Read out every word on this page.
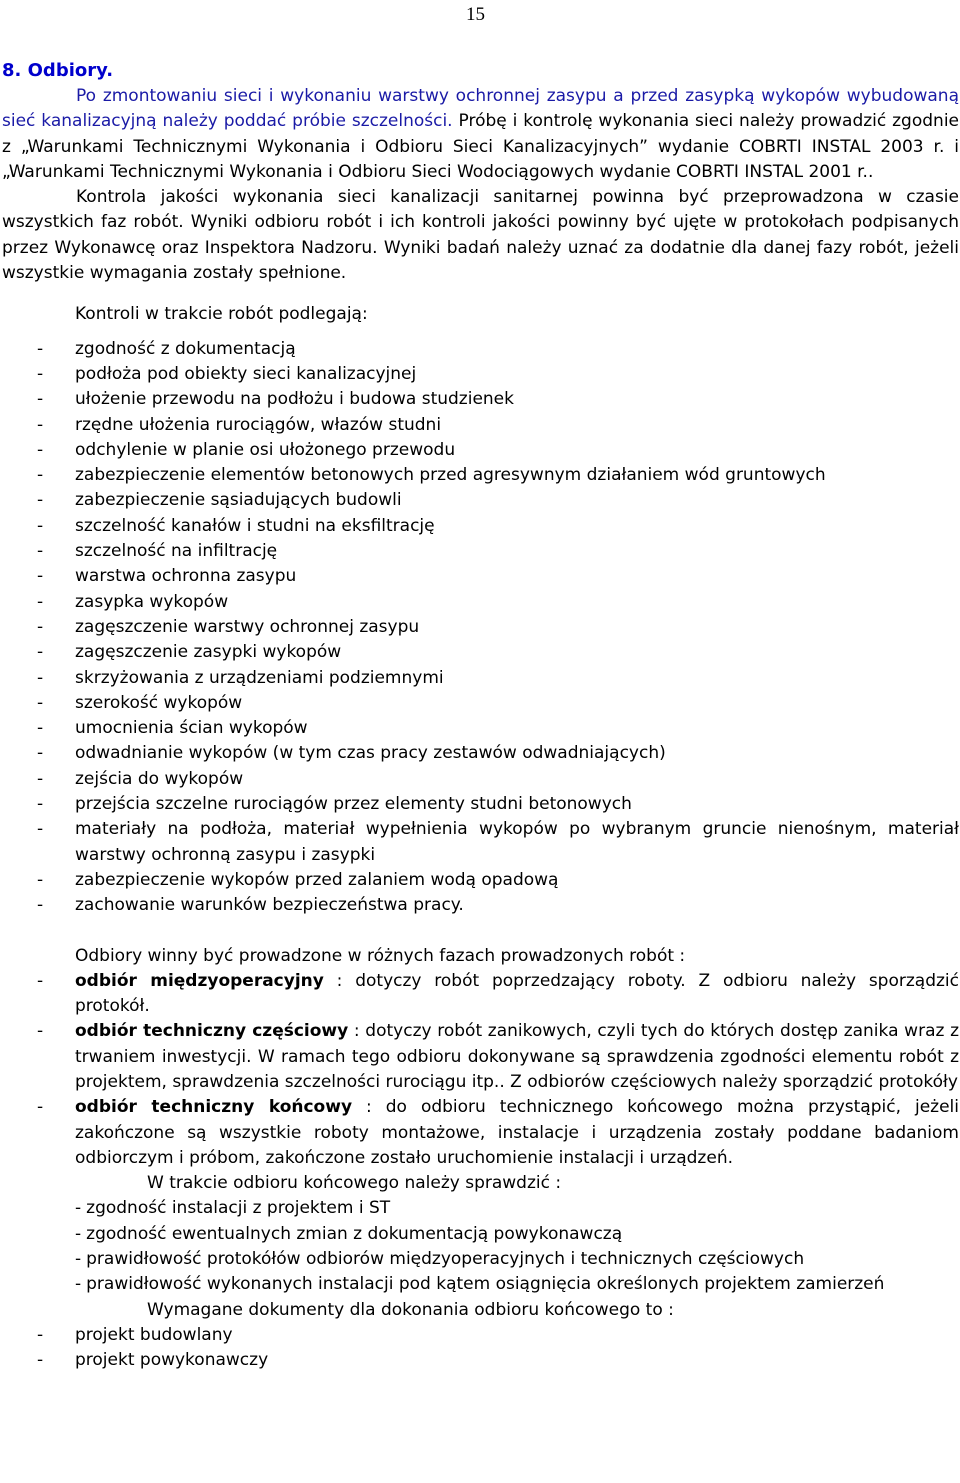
15
8. Odbiory.

Po zmontowaniu sieci i wykonaniu warstwy ochronnej zasypu a przed zasypką wykopów wybudowaną sieć kanalizacyjną należy poddać próbie szczelności. Próbę i kontrolę wykonania sieci należy prowadzić zgodnie z „Warunkami Technicznymi Wykonania i Odbioru Sieci Kanalizacyjnych” wydanie COBRTI INSTAL 2003 r. i „Warunkami Technicznymi Wykonania i Odbioru Sieci Wodociągowych wydanie COBRTI INSTAL 2001 r..

Kontrola jakości wykonania sieci kanalizacji sanitarnej powinna być przeprowadzona w czasie wszystkich faz robót. Wyniki odbioru robót i ich kontroli jakości powinny być ujęte w protokołach podpisanych przez Wykonawcę oraz Inspektora Nadzoru. Wyniki badań należy uznać za dodatnie dla danej fazy robót, jeżeli wszystkie wymagania zostały spełnione.

Kontroli w trakcie robót podlegają:

- zgodność z dokumentacją
- podłoża pod obiekty sieci kanalizacyjnej
- ułożenie przewodu na podłożu i budowa studzienek
- rzędne ułożenia rurociągów, włazów studni
- odchylenie w planie osi ułożonego przewodu
- zabezpieczenie elementów betonowych przed agresywnym działaniem wód gruntowych
- zabezpieczenie sąsiadujących budowli
- szczelność kanałów i studni na eksfiltrację
- szczelność na infiltrację
- warstwa ochronna zasypu
- zasypka wykopów
- zagęszczenie warstwy ochronnej zasypu
- zagęszczenie zasypki wykopów
- skrzyżowania z urządzeniami podziemnymi
- szerokość wykopów
- umocnienia ścian wykopów
- odwadnianie wykopów (w tym czas pracy zestawów odwadniających)
- zejścia do wykopów
- przejścia szczelne rurociągów przez elementy studni betonowych
- materiały na podłoża, materiał wypełnienia wykopów po wybranym gruncie nienośnym, materiał warstwy ochronną zasypu i zasypki
- zabezpieczenie wykopów przed zalaniem wodą opadową
- zachowanie warunków bezpieczeństwa pracy.

Odbiory winny być prowadzone w różnych fazach prowadzonych robót :

- odbiór międzyoperacyjny : dotyczy robót poprzedzający roboty. Z odbioru należy sporządzić protokół.
- odbiór techniczny częściowy : dotyczy robót zanikowych, czyli tych do których dostęp zanika wraz z trwaniem inwestycji. W ramach tego odbioru dokonywane są sprawdzenia zgodności elementu robót z projektem, sprawdzenia szczelności rurociągu itp.. Z odbiorów częściowych należy sporządzić protokóły
- odbiór techniczny końcowy : do odbioru technicznego końcowego można przystąpić, jeżeli zakończone są wszystkie roboty montażowe, instalacje i urządzenia zostały poddane badaniom odbiorczym i próbom, zakończone zostało uruchomienie instalacji i urządzeń.

W trakcie odbioru końcowego należy sprawdzić :

- zgodność instalacji z projektem i ST
- zgodność ewentualnych zmian z dokumentacją powykonawczą
- prawidłowość protokółów odbiorów międzyoperacyjnych i technicznych częściowych
- prawidłowość wykonanych instalacji pod kątem osiągnięcia określonych projektem zamierzeń

Wymagane dokumenty dla dokonania odbioru końcowego to :

- projekt budowlany
- projekt powykonawczy
